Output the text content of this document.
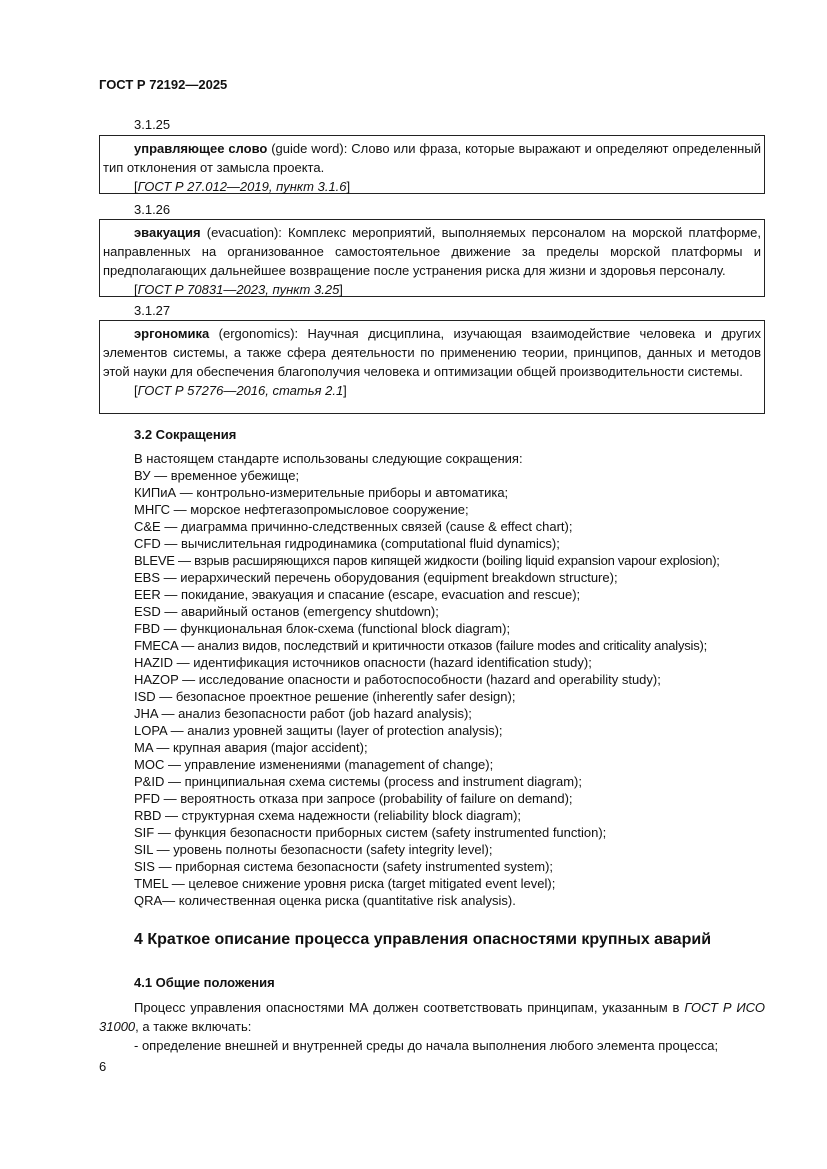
ГОСТ Р 72192—2025
3.1.25

управляющее слово (guide word): Слово или фраза, которые выражают и определяют определенный тип отклонения от замысла проекта.

[ГОСТ Р 27.012—2019, пункт 3.1.6]

3.1.26

эвакуация (evacuation): Комплекс мероприятий, выполняемых персоналом на морской платформе, направленных на организованное самостоятельное движение за пределы морской платформы и предполагающих дальнейшее возвращение после устранения риска для жизни и здоровья персоналу.

[ГОСТ Р 70831—2023, пункт 3.25]

3.1.27

эргономика (ergonomics): Научная дисциплина, изучающая взаимодействие человека и других элементов системы, а также сфера деятельности по применению теории, принципов, данных и методов этой науки для обеспечения благополучия человека и оптимизации общей производительности системы.

[ГОСТ Р 57276—2016, статья 2.1]

3.2 Сокращения
В настоящем стандарте использованы следующие сокращения:
ВУ — временное убежище;
КИПиА — контрольно-измерительные приборы и автоматика;
МНГС — морское нефтегазопромысловое сооружение;
C&E — диаграмма причинно-следственных связей (cause & effect chart);
CFD — вычислительная гидродинамика (computational fluid dynamics);
BLEVE — взрыв расширяющихся паров кипящей жидкости (boiling liquid expansion vapour explosion);
EBS — иерархический перечень оборудования (equipment breakdown structure);
EER — покидание, эвакуация и спасание (escape, evacuation and rescue);
ESD — аварийный останов (emergency shutdown);
FBD — функциональная блок-схема (functional block diagram);
FMECA — анализ видов, последствий и критичности отказов (failure modes and criticality analysis);
HAZID — идентификация источников опасности (hazard identification study);
HAZOP — исследование опасности и работоспособности (hazard and operability study);
ISD — безопасное проектное решение (inherently safer design);
JHA — анализ безопасности работ (job hazard analysis);
LOPA — анализ уровней защиты (layer of protection analysis);
MA — крупная авария (major accident);
MOC — управление изменениями (management of change);
P&ID — принципиальная схема системы (process and instrument diagram);
PFD — вероятность отказа при запросе (probability of failure on demand);
RBD — структурная схема надежности (reliability block diagram);
SIF — функция безопасности приборных систем (safety instrumented function);
SIL — уровень полноты безопасности (safety integrity level);
SIS — приборная система безопасности (safety instrumented system);
TMEL — целевое снижение уровня риска (target mitigated event level);
QRA— количественная оценка риска (quantitative risk analysis).
4 Краткое описание процесса управления опасностями крупных аварий
4.1 Общие положения

Процесс управления опасностями МА должен соответствовать принципам, указанным в ГОСТ Р ИСО 31000, а также включать:

- определение внешней и внутренней среды до начала выполнения любого элемента процесса;
6
